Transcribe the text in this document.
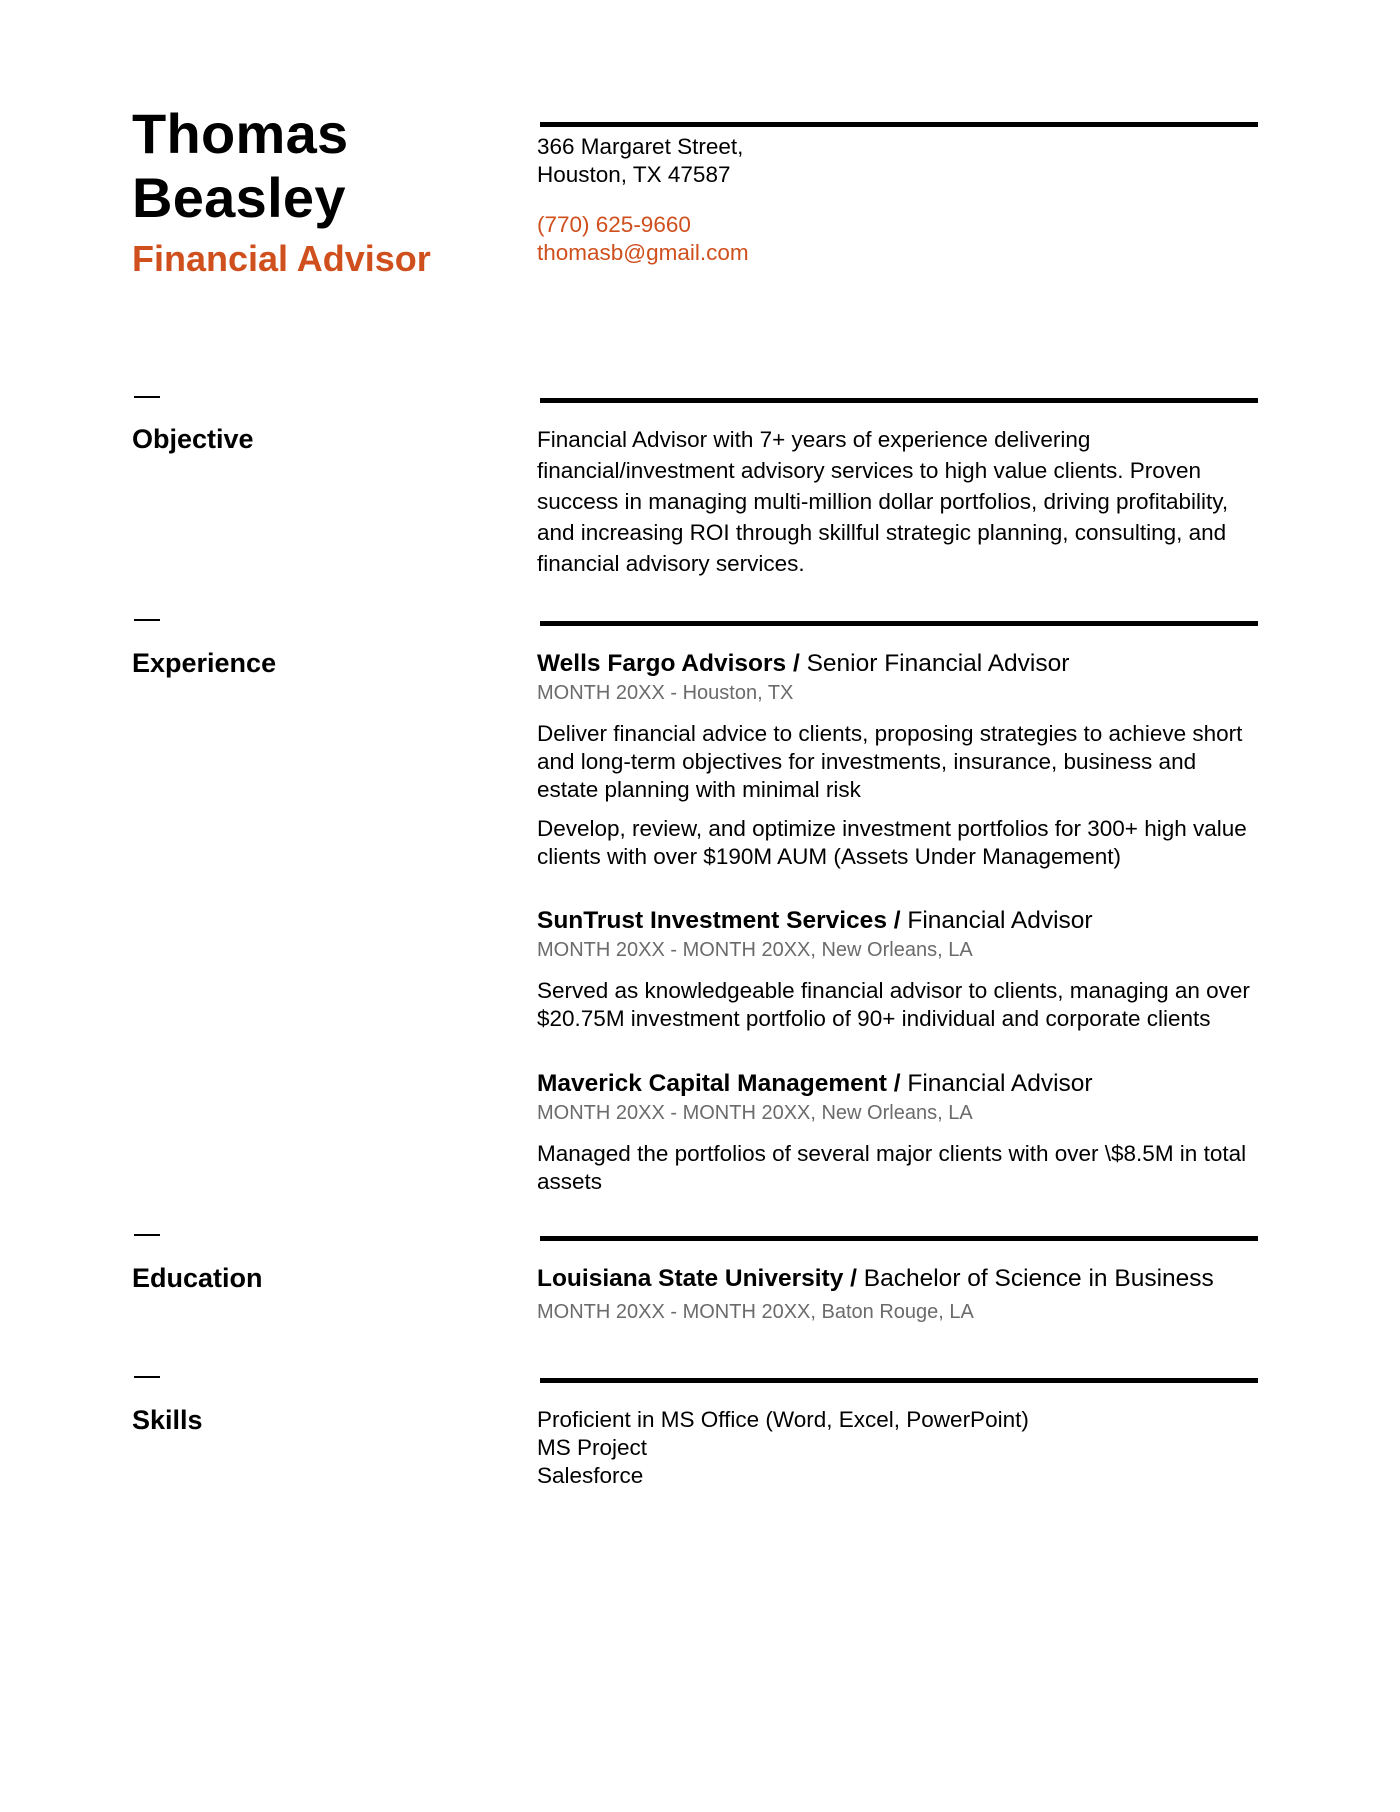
Thomas
Beasley
Financial Advisor
366 Margaret Street,
Houston, TX 47587
(770) 625-9660
thomasb@gmail.com
Objective	Financial Advisor with 7+ years of experience delivering financial/investment advisory services to high value clients. Proven success in managing multi-million dollar portfolios, driving profitability, and increasing ROI through skillful strategic planning, consulting, and financial advisory services.
Experience	Wells Fargo Advisors / Senior Financial Advisor
MONTH 20XX - Houston, TX
Deliver financial advice to clients, proposing strategies to achieve short and long-term objectives for investments, insurance, business and estate planning with minimal risk
Develop, review, and optimize investment portfolios for 300+ high value clients with over $190M AUM (Assets Under Management)
SunTrust Investment Services / Financial Advisor
MONTH 20XX - MONTH 20XX, New Orleans, LA
Served as knowledgeable financial advisor to clients, managing an over $20.75M investment portfolio of 90+ individual and corporate clients
Maverick Capital Management / Financial Advisor
MONTH 20XX - MONTH 20XX, New Orleans, LA
Managed the portfolios of several major clients with over \$8.5M in total assets
Education	Louisiana State University / Bachelor of Science in Business
MONTH 20XX - MONTH 20XX, Baton Rouge, LA
Skills	Proficient in MS Office (Word, Excel, PowerPoint)
MS Project
Salesforce
